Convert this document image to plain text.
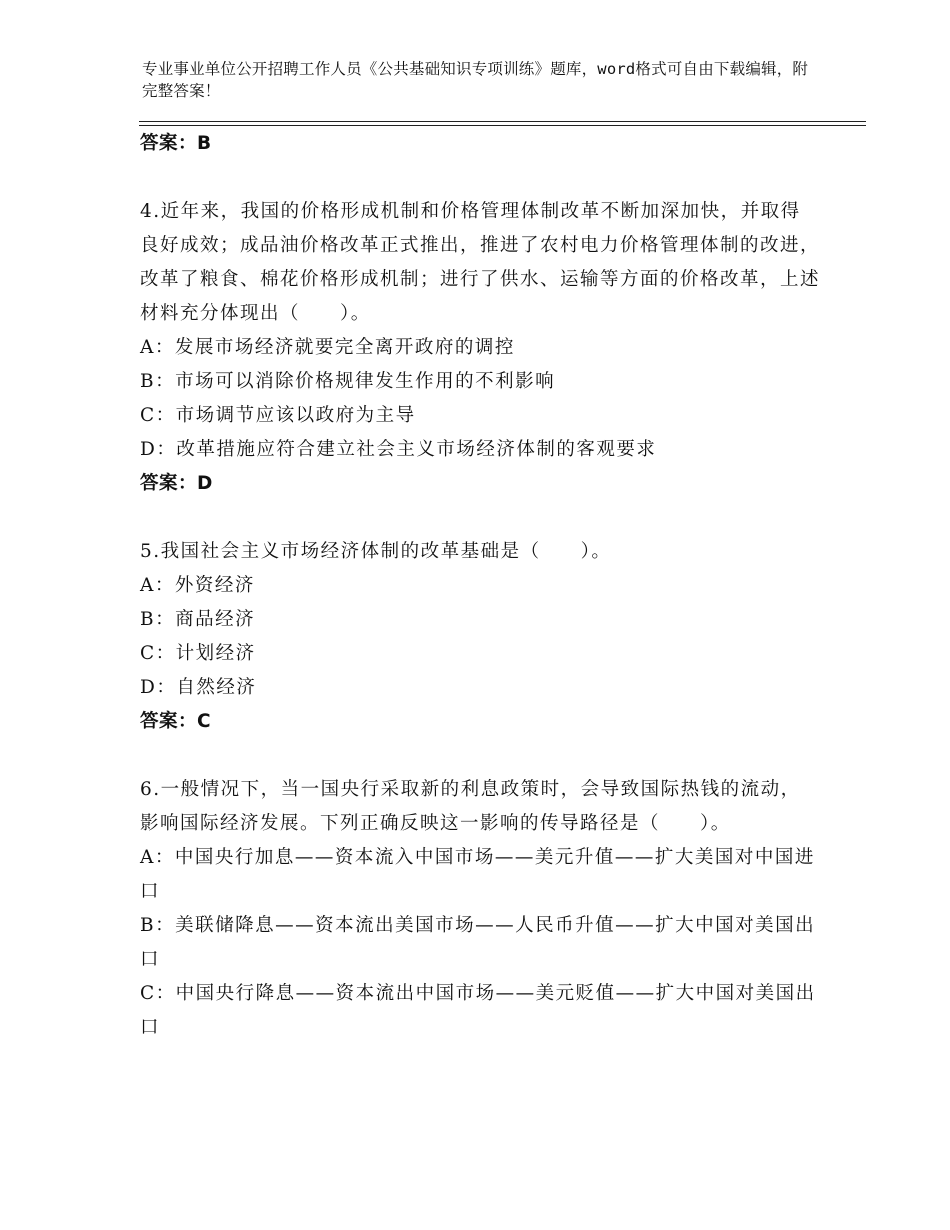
专业事业单位公开招聘工作人员《公共基础知识专项训练》题库，word格式可自由下载编辑，附完整答案！

答案：B

4.近年来，我国的价格形成机制和价格管理体制改革不断加深加快，并取得良好成效；成品油价格改革正式推出，推进了农村电力价格管理体制的改进，改革了粮食、棉花价格形成机制；进行了供水、运输等方面的价格改革，上述材料充分体现出（　　）。

A：发展市场经济就要完全离开政府的调控

B：市场可以消除价格规律发生作用的不利影响

C：市场调节应该以政府为主导

D：改革措施应符合建立社会主义市场经济体制的客观要求

答案：D

5.我国社会主义市场经济体制的改革基础是（　　）。

A：外资经济

B：商品经济

C：计划经济

D：自然经济

答案：C

6.一般情况下，当一国央行采取新的利息政策时，会导致国际热钱的流动，影响国际经济发展。下列正确反映这一影响的传导路径是（　　）。

A：中国央行加息——资本流入中国市场——美元升值——扩大美国对中国进口

B：美联储降息——资本流出美国市场——人民币升值——扩大中国对美国出口

C：中国央行降息——资本流出中国市场——美元贬值——扩大中国对美国出口
